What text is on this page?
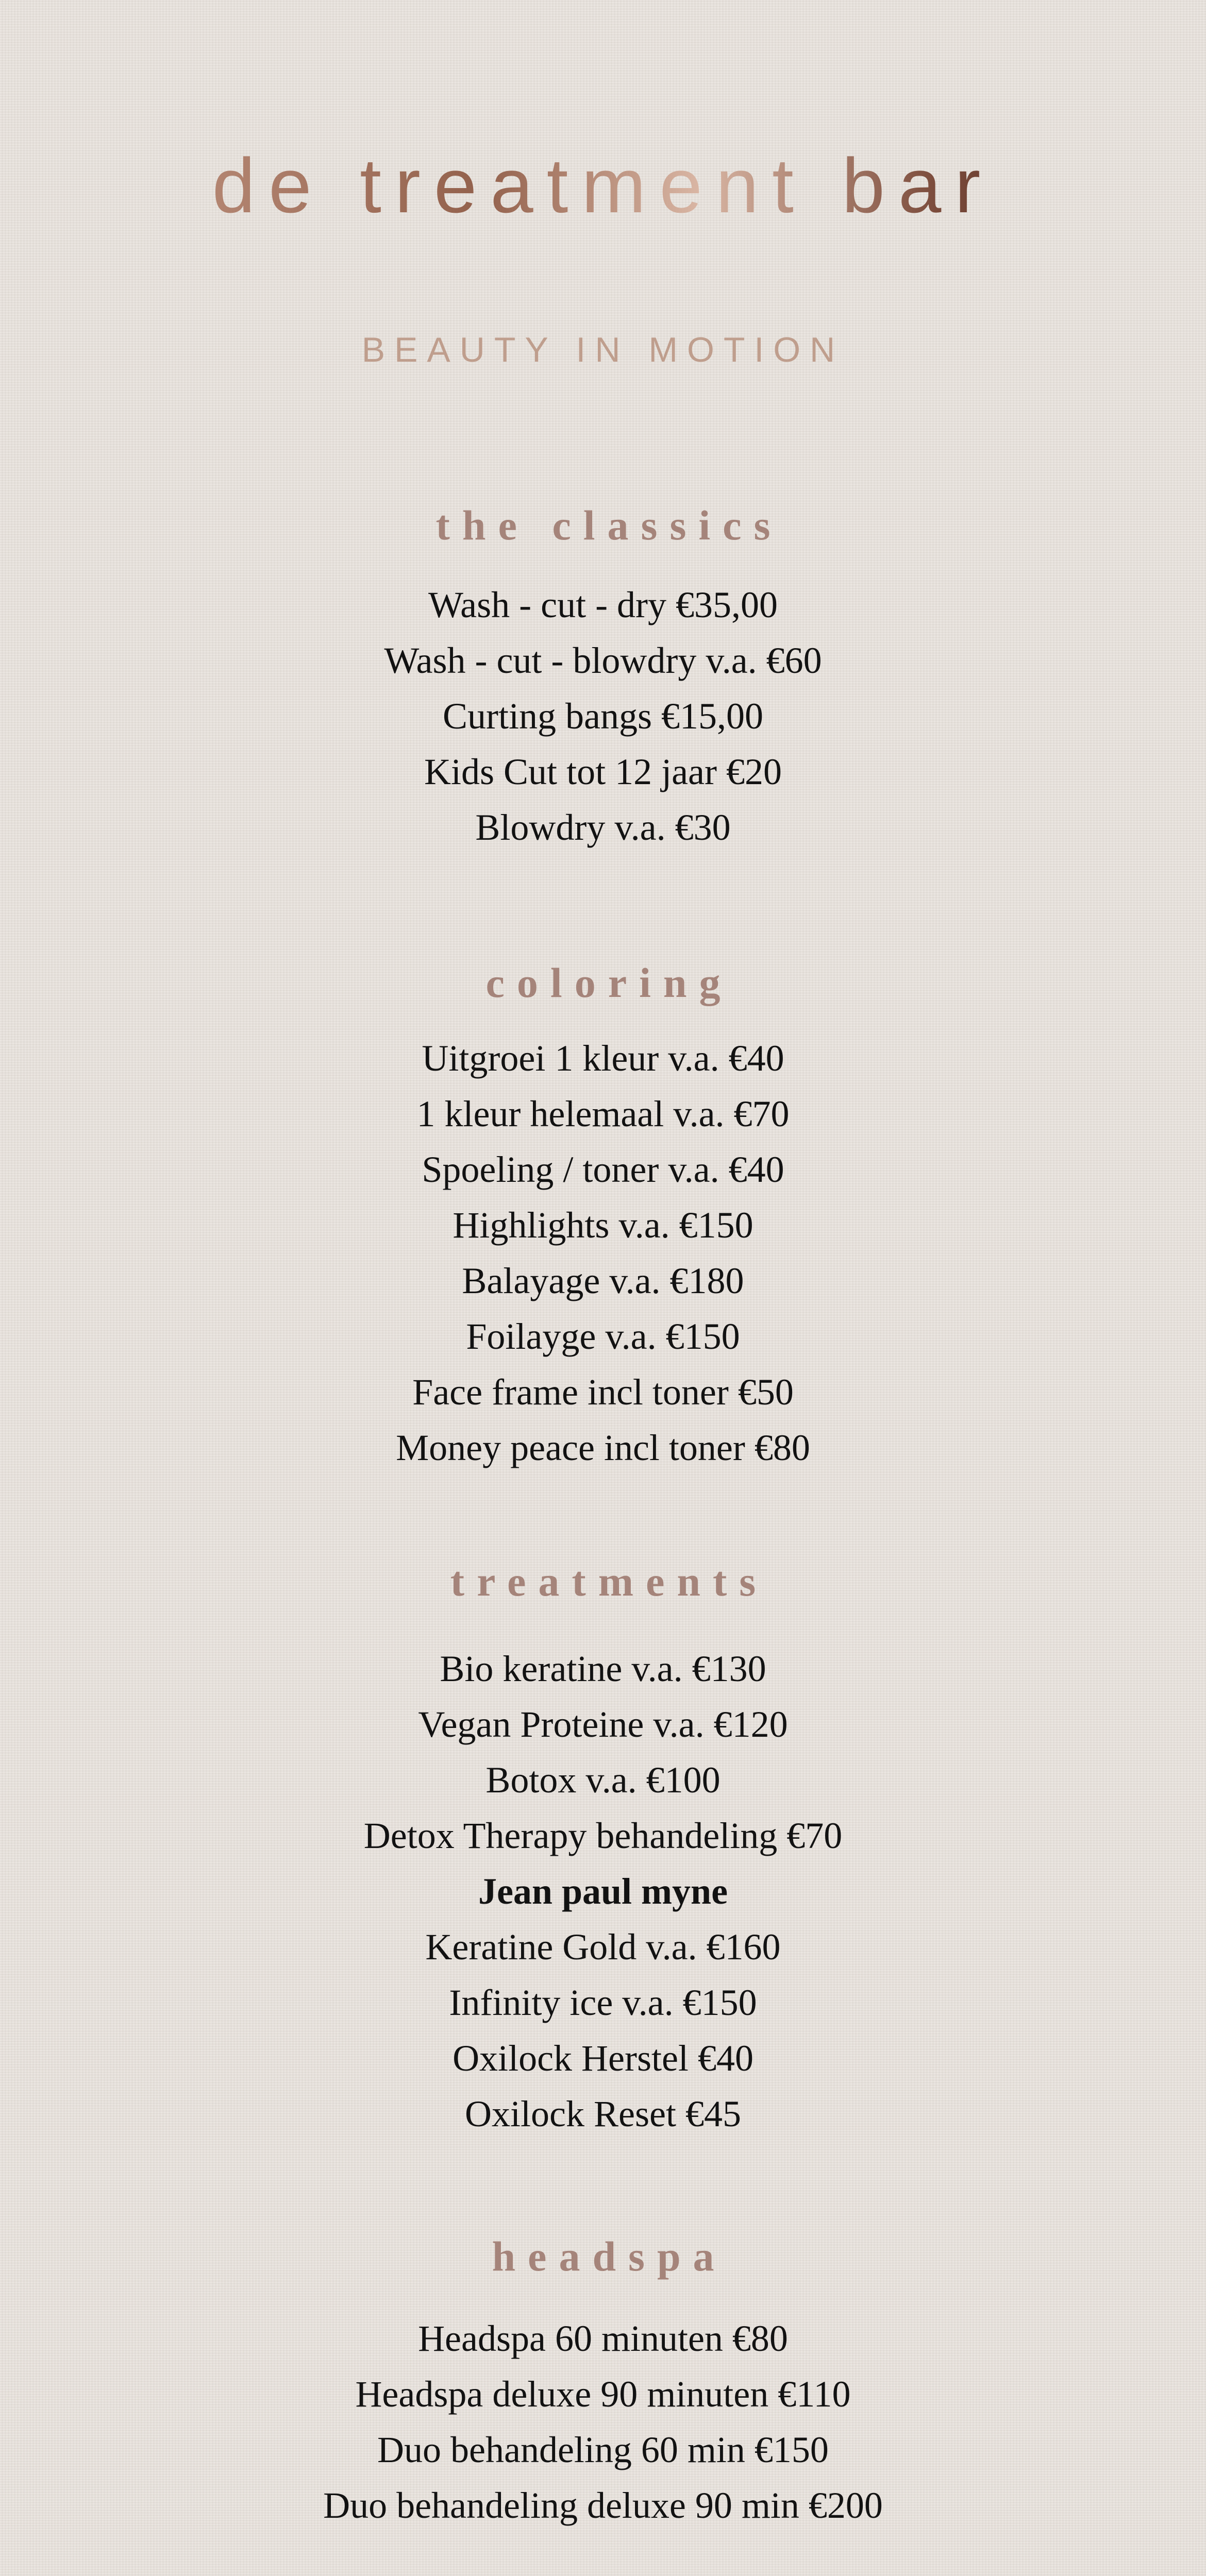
de treatment bar
BEAUTY IN MOTION
the classics
Wash - cut - dry €35,00
Wash - cut - blowdry v.a. €60
Curting bangs €15,00
Kids Cut tot 12 jaar €20
Blowdry v.a. €30
coloring
Uitgroei 1 kleur v.a. €40
1 kleur helemaal v.a. €70
Spoeling / toner v.a. €40
Highlights v.a. €150
Balayage v.a. €180
Foilayge v.a. €150
Face frame incl toner €50
Money peace incl toner €80
treatments
Bio keratine v.a. €130
Vegan Proteine v.a. €120
Botox v.a. €100
Detox Therapy behandeling €70
Jean paul myne
Keratine Gold v.a. €160
Infinity ice v.a. €150
Oxilock Herstel €40
Oxilock Reset €45
headspa
Headspa 60 minuten €80
Headspa deluxe 90 minuten €110
Duo behandeling 60 min €150
Duo behandeling deluxe 90 min €200
